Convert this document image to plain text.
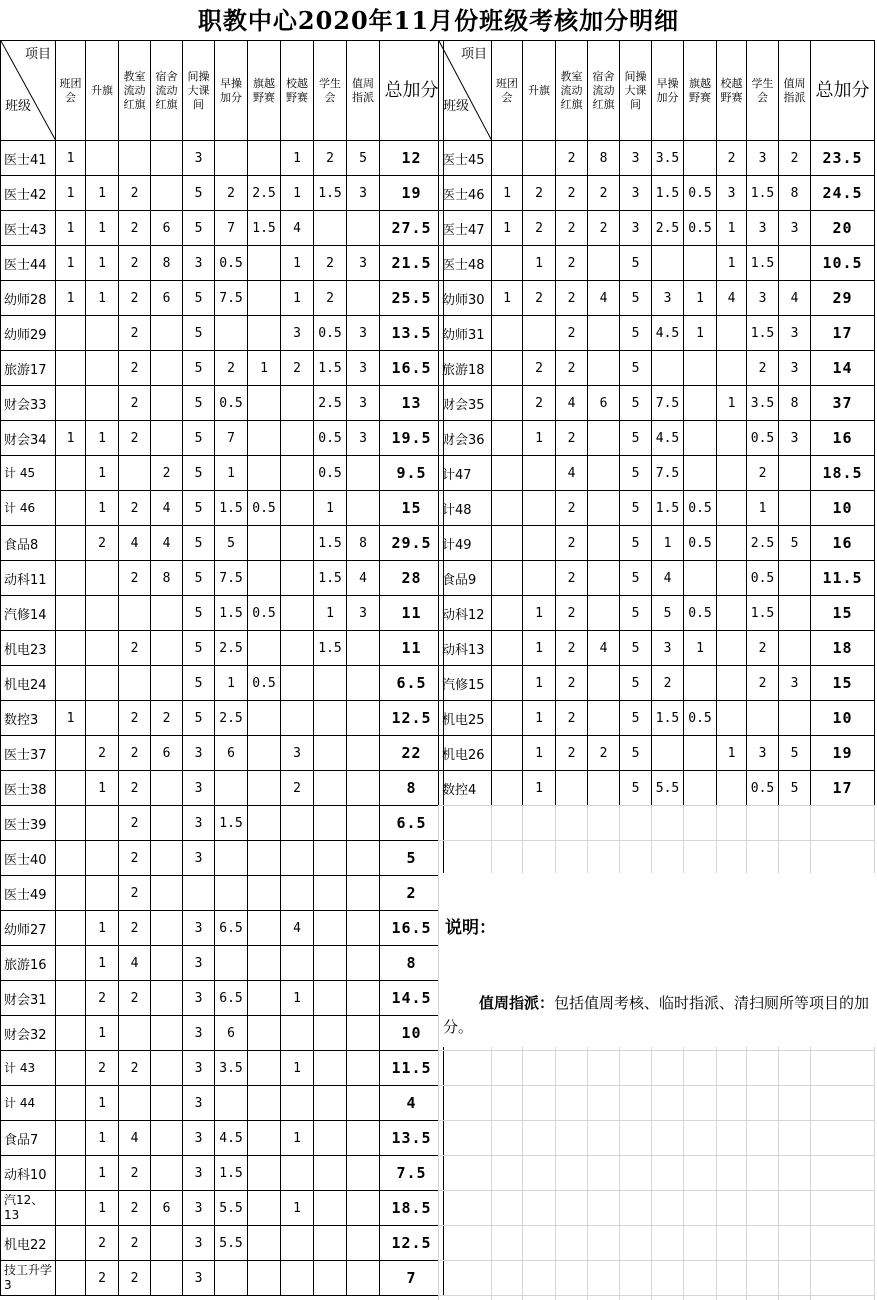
职教中心2020年11月份班级考核加分明细
项目
班级	班团会	升旗	教室流动红旗	宿舍流动红旗	间操大课间	早操加分	旗越野赛	校越野赛	学生会	值周指派	总加分
医士41	1				3			1	2	5	12
医士42	1	1	2		5	2	2.5	1	1.5	3	19
医士43	1	1	2	6	5	7	1.5	4			27.5
医士44	1	1	2	8	3	0.5		1	2	3	21.5
幼师28	1	1	2	6	5	7.5		1	2		25.5
幼师29			2		5			3	0.5	3	13.5
旅游17			2		5	2	1	2	1.5	3	16.5
财会33			2		5	0.5			2.5	3	13
财会34	1	1	2		5	7			0.5	3	19.5
计 45		1		2	5	1			0.5		9.5
计 46		1	2	4	5	1.5	0.5		1		15
食品8		2	4	4	5	5			1.5	8	29.5
动科11			2	8	5	7.5			1.5	4	28
汽修14					5	1.5	0.5		1	3	11
机电23			2		5	2.5			1.5		11
机电24					5	1	0.5				6.5
数控3	1		2	2	5	2.5					12.5
医士37		2	2	6	3	6		3			22
医士38		1	2		3			2			8
医士39			2		3	1.5					6.5
医士40			2		3						5
医士49			2								2
幼师27		1	2		3	6.5		4			16.5
旅游16		1	4		3						8
财会31		2	2		3	6.5		1			14.5
财会32		1			3	6					10
计 43		2	2		3	3.5		1			11.5
计 44		1			3						4
食品7		1	4		3	4.5		1			13.5
动科10		1	2		3	1.5					7.5
汽12、13		1	2	6	3	5.5		1			18.5
机电22		2	2		3	5.5					12.5
技工升学3		2	2		3						7
项目
班级	班团会	升旗	教室流动红旗	宿舍流动红旗	间操大课间	早操加分	旗越野赛	校越野赛	学生会	值周指派	总加分
医士45			2	8	3	3.5		2	3	2	23.5
医士46	1	2	2	2	3	1.5	0.5	3	1.5	8	24.5
医士47	1	2	2	2	3	2.5	0.5	1	3	3	20
医士48		1	2		5			1	1.5		10.5
幼师30	1	2	2	4	5	3	1	4	3	4	29
幼师31			2		5	4.5	1		1.5	3	17
旅游18		2	2		5				2	3	14
财会35		2	4	6	5	7.5		1	3.5	8	37
财会36		1	2		5	4.5			0.5	3	16
计47			4		5	7.5			2		18.5
计48			2		5	1.5	0.5		1		10
计49			2		5	1	0.5		2.5	5	16
食品9			2		5	4			0.5		11.5
动科12		1	2		5	5	0.5		1.5		15
动科13		1	2	4	5	3	1		2		18
汽修15		1	2		5	2			2	3	15
机电25		1	2		5	1.5	0.5				10
机电26		1	2	2	5			1	3	5	19
数控4		1			5	5.5			0.5	5	17
说明：
值周指派：包括值周考核、临时指派、清扫厕所等项目的加分。
